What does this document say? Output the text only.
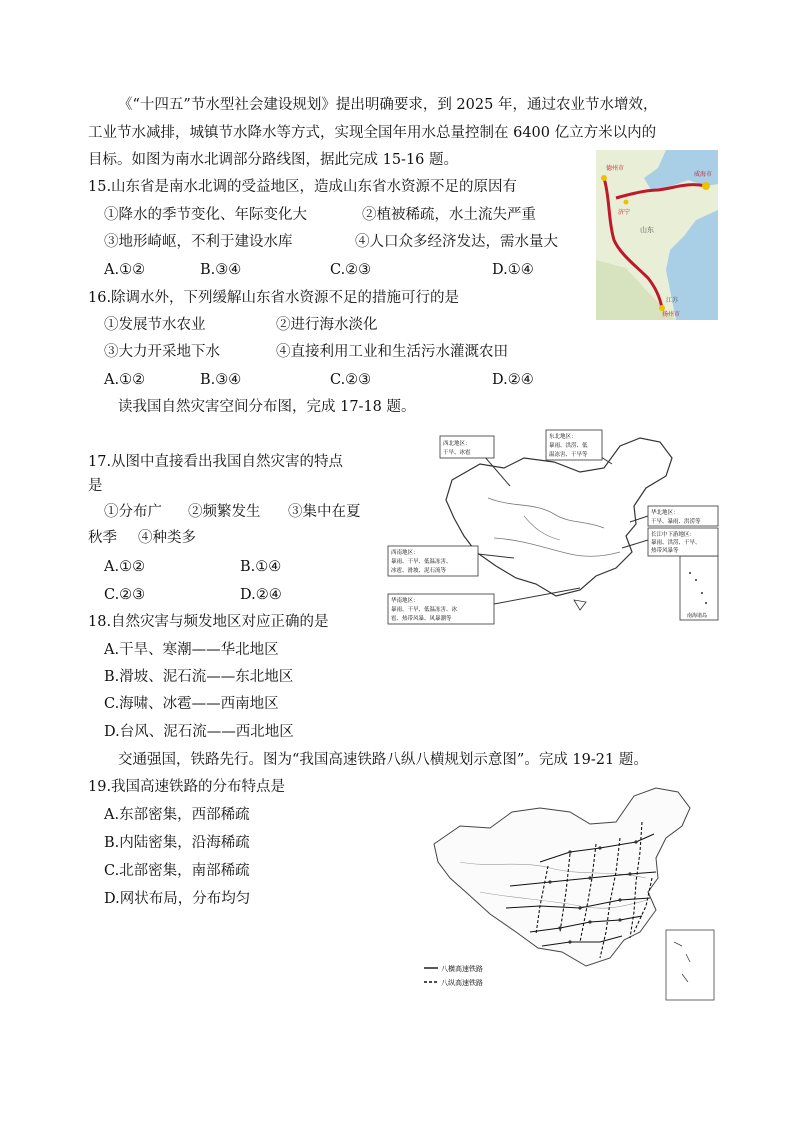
《“十四五”节水型社会建设规划》提出明确要求，到 2025 年，通过农业节水增效，
工业节水减排，城镇节水降水等方式，实现全国年用水总量控制在 6400 亿立方米以内的
目标。如图为南水北调部分路线图，据此完成 15-16 题。
15.山东省是南水北调的受益地区，造成山东省水资源不足的原因有
①降水的季节变化、年际变化大	②植被稀疏，水土流失严重
③地形崎岖，不利于建设水库	④人口众多经济发达，需水量大
A.①②	B.③④	C.②③	D.①④
德州市
威海市
济宁
山东
江苏
扬州市
16.除调水外，下列缓解山东省水资源不足的措施可行的是
①发展节水农业	②进行海水淡化
③大力开采地下水	④直接利用工业和生活污水灌溉农田
A.①②	B.③④	C.②③	D.②④
读我国自然灾害空间分布图，完成 17-18 题。
17.从图中直接看出我国自然灾害的特点
是
①分布广 ②频繁发生 ③集中在夏
秋季 ④种类多
A.①②	B.①④
C.②③	D.②④
南海诸岛
西北地区：
干旱、冰雹
东北地区：
暴雨、洪涝、低
温冻害、干旱等
华北地区：
干旱、暴雨、洪涝等
长江中下游地区：
暴雨、洪涝、干旱、
热带风暴等
西南地区：
暴雨、干旱、低温冻害、
冰雹、滑坡、泥石流等
华南地区：
暴雨、干旱、低温冻害、冰
雹、热带风暴、风暴潮等
18.自然灾害与频发地区对应正确的是
A.干旱、寒潮——华北地区
B.滑坡、泥石流——东北地区
C.海啸、冰雹——西南地区
D.台风、泥石流——西北地区
交通强国，铁路先行。图为“我国高速铁路八纵八横规划示意图”。完成 19-21 题。
19.我国高速铁路的分布特点是
A.东部密集，西部稀疏
B.内陆密集，沿海稀疏
C.北部密集，南部稀疏
D.网状布局，分布均匀
八横高速铁路
八纵高速铁路
